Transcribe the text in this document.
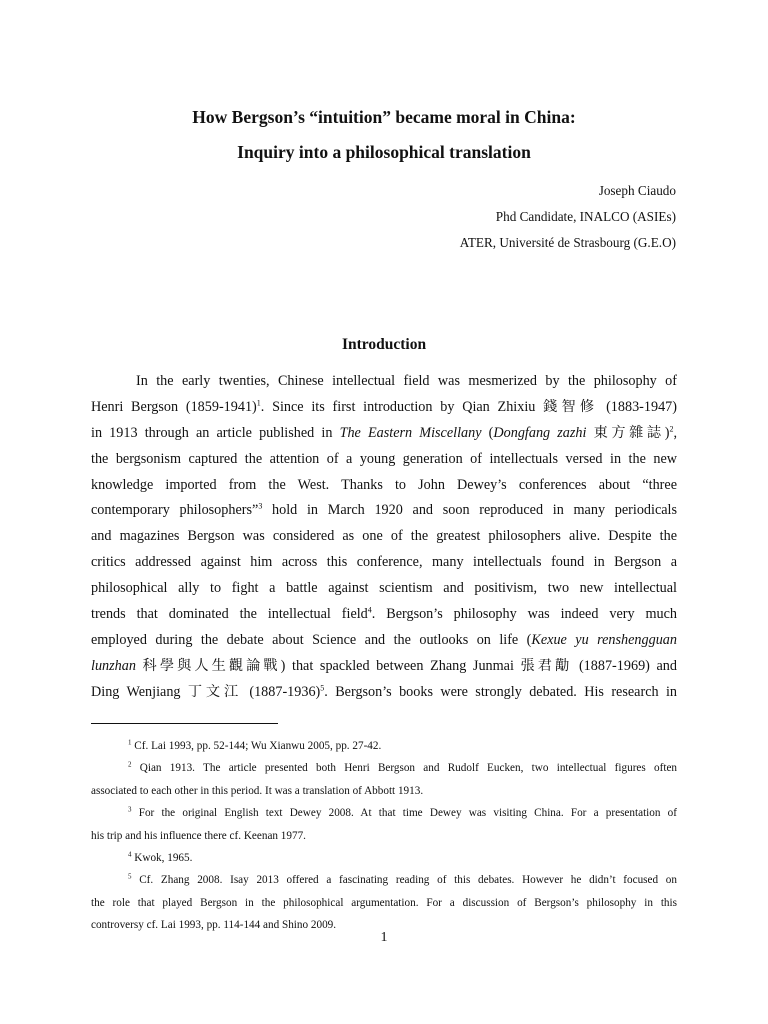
How Bergson’s “intuition” became moral in China:
Inquiry into a philosophical translation
Joseph Ciaudo
Phd Candidate, INALCO (ASIEs)
ATER, Université de Strasbourg (G.E.O)
Introduction
In the early twenties, Chinese intellectual field was mesmerized by the philosophy of
Henri Bergson (1859-1941)$^1$. Since its first introduction by Qian Zhixiu 錢智修 (1883-1947)
in 1913 through an article published in The Eastern Miscellany (Dongfang zazhi 東方雜誌)$^2$,
the bergsonism captured the attention of a young generation of intellectuals versed in the new
knowledge imported from the West. Thanks to John Dewey’s conferences about “three
contemporary philosophers”$^3$ hold in March 1920 and soon reproduced in many periodicals
and magazines Bergson was considered as one of the greatest philosophers alive. Despite the
critics addressed against him across this conference, many intellectuals found in Bergson a
philosophical ally to fight a battle against scientism and positivism, two new intellectual
trends that dominated the intellectual field$^4$. Bergson’s philosophy was indeed very much
employed during the debate about Science and the outlooks on life (Kexue yu renshengguan
lunzhan 科學與人生觀論戰) that spackled between Zhang Junmai 張君勱 (1887-1969) and
Ding Wenjiang 丁文江 (1887-1936)$^5$. Bergson’s books were strongly debated. His research in
$^1$ Cf. Lai 1993, pp. 52-144; Wu Xianwu 2005, pp. 27-42.
$^2$ Qian 1913. The article presented both Henri Bergson and Rudolf Eucken, two intellectual figures often
associated to each other in this period. It was a translation of Abbott 1913.
$^3$ For the original English text Dewey 2008. At that time Dewey was visiting China. For a presentation of
his trip and his influence there cf. Keenan 1977.
$^4$ Kwok, 1965.
$^5$ Cf. Zhang 2008. Isay 2013 offered a fascinating reading of this debates. However he didn’t focused on
the role that played Bergson in the philosophical argumentation. For a discussion of Bergson’s philosophy in this
controversy cf. Lai 1993, pp. 114-144 and Shino 2009.
1
